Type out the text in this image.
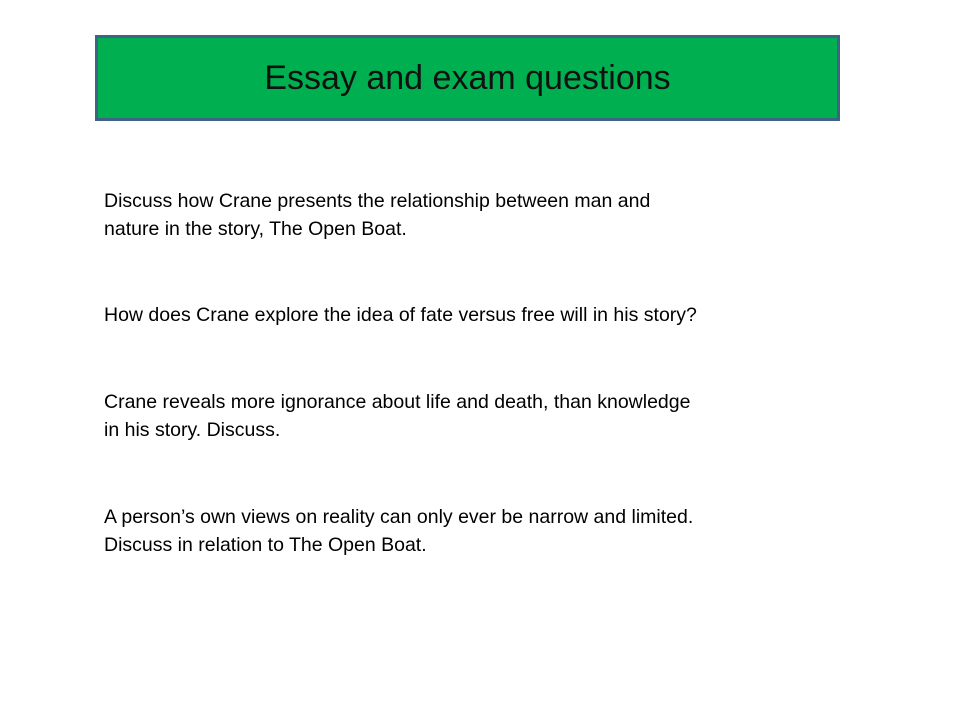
Essay and exam questions
Discuss how Crane presents the relationship between man and
nature in the story, The Open Boat.
How does Crane explore the idea of fate versus free will in his story?
Crane reveals more ignorance about life and death, than knowledge
in his story. Discuss.
A person’s own views on reality can only ever be narrow and limited.
Discuss in relation to The Open Boat.
